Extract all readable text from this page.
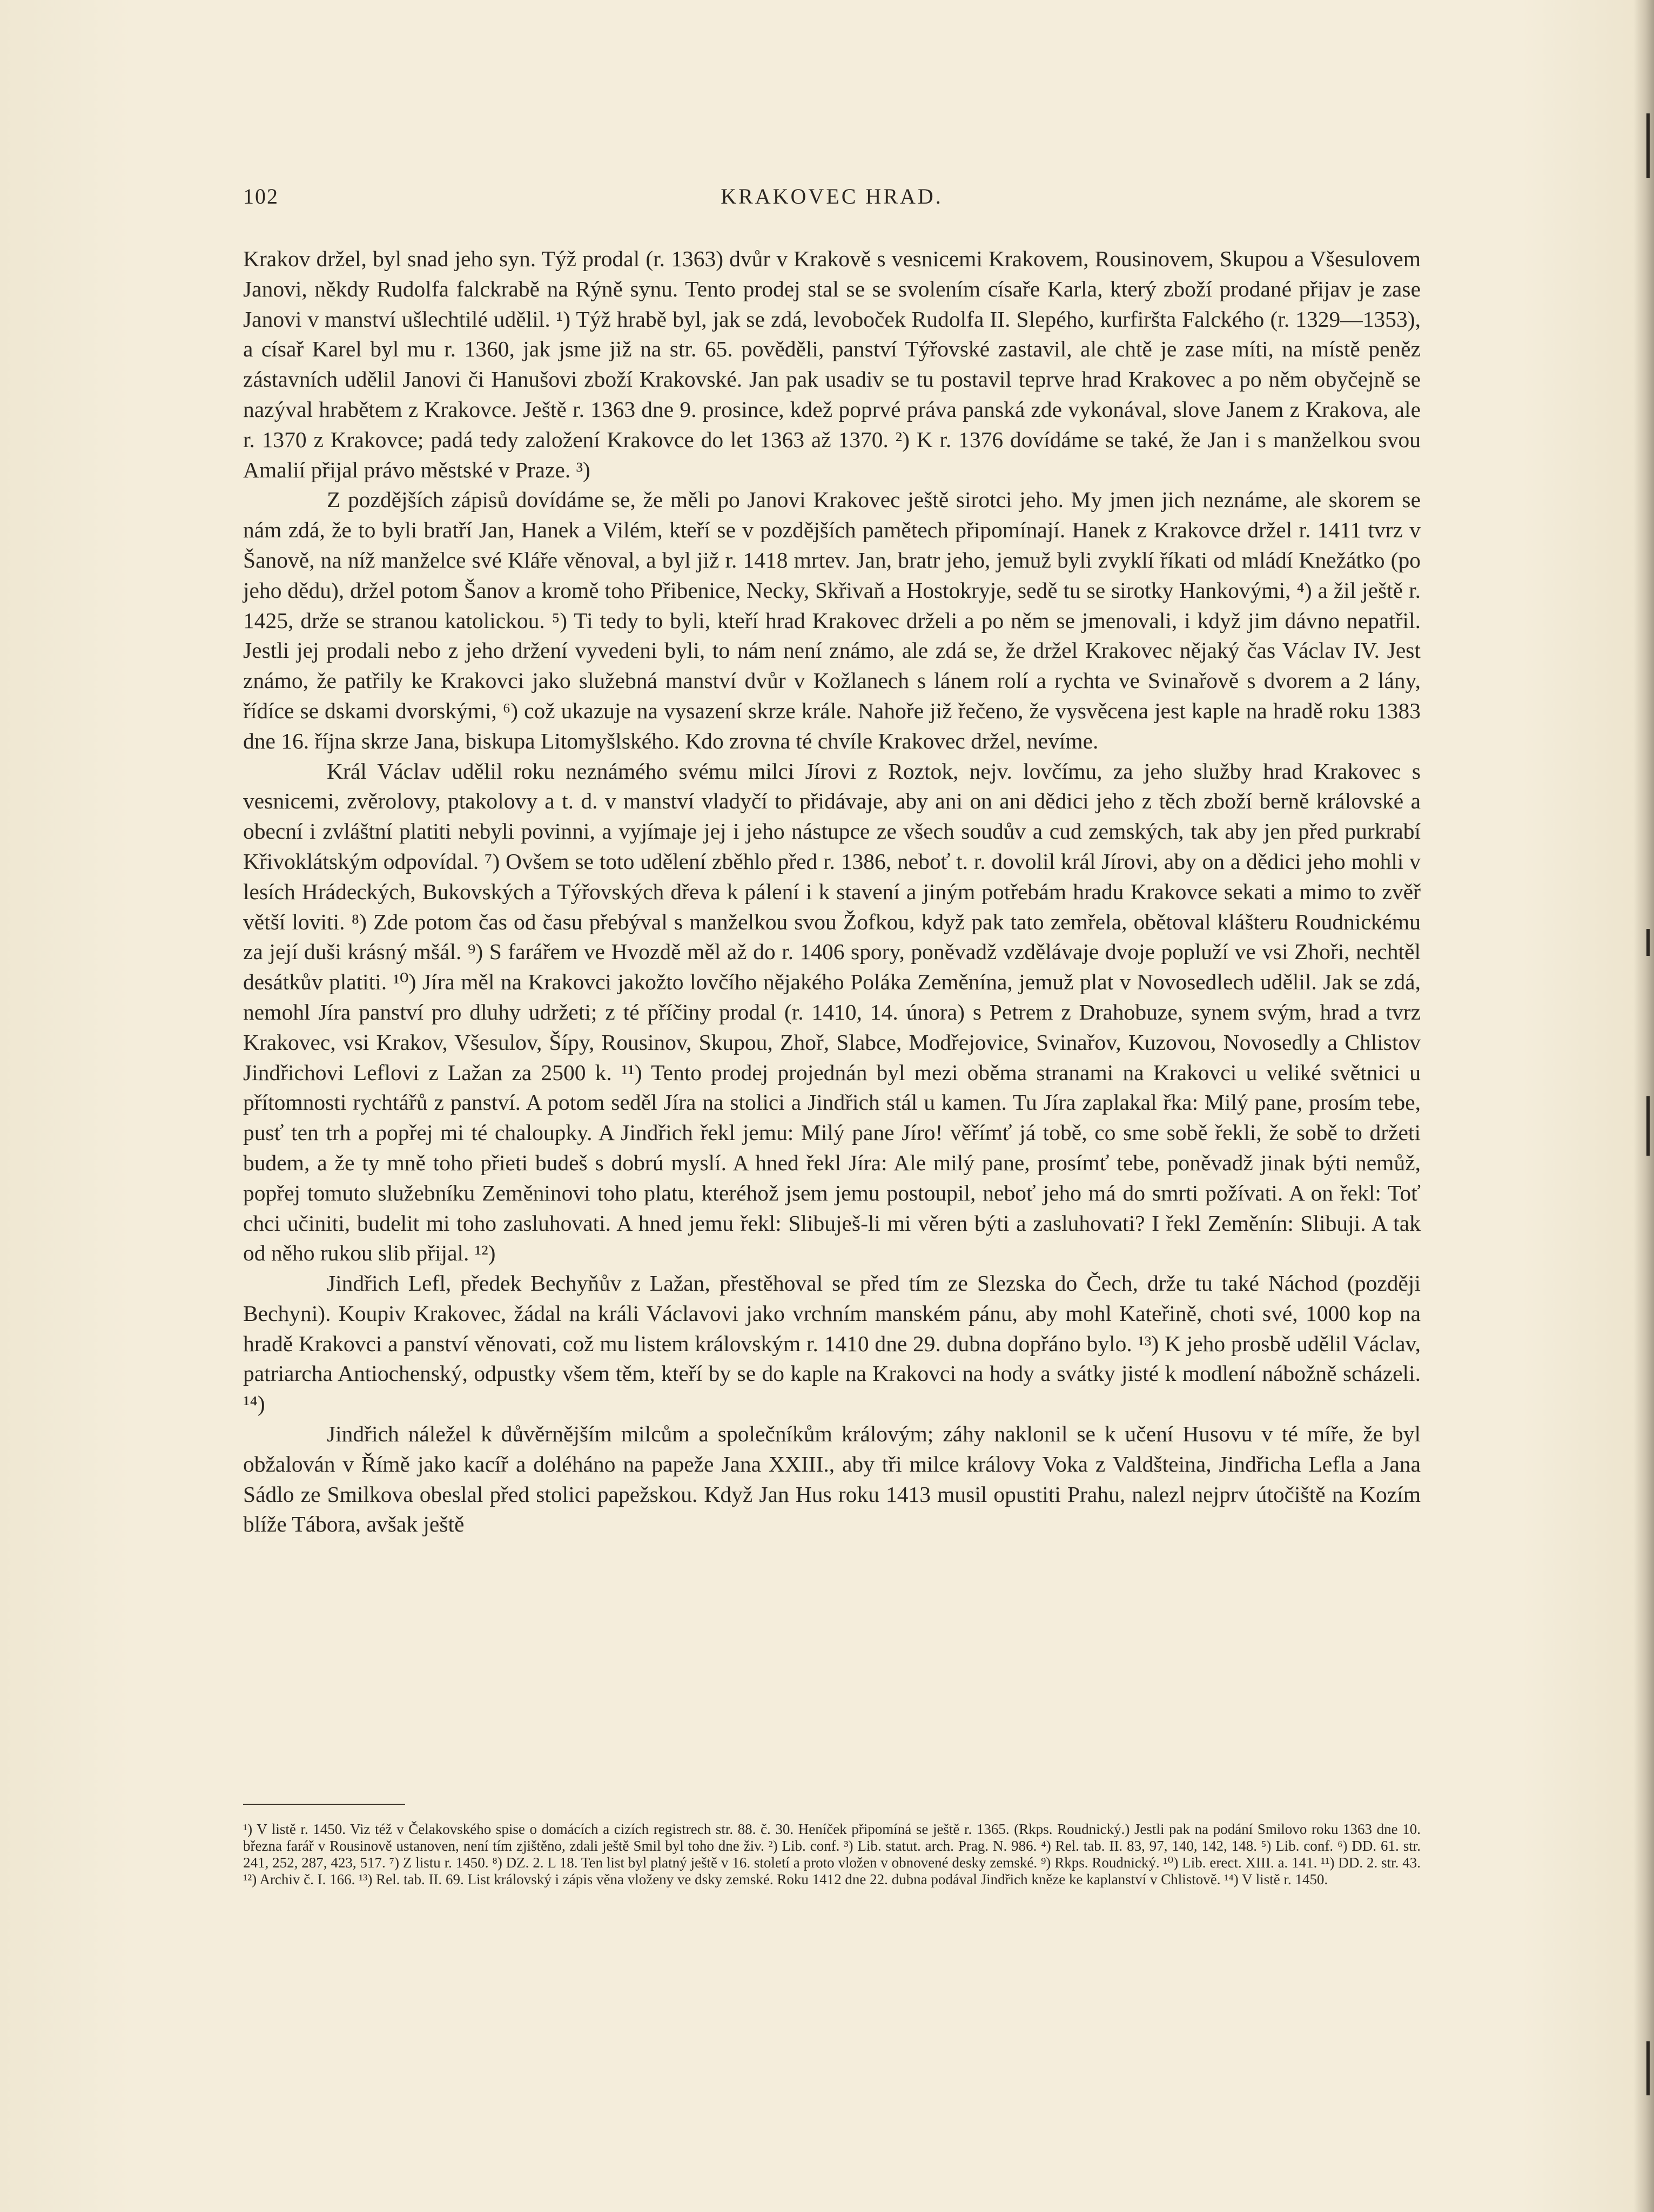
102	KRAKOVEC HRAD.

Krakov držel, byl snad jeho syn. Týž prodal (r. 1363) dvůr v Krakově s vesnicemi Krakovem, Rousinovem, Skupou a Všesulovem Janovi, někdy Rudolfa falckrabě na Rýně synu. Tento prodej stal se se svolením císaře Karla, který zboží prodané přijav je zase Janovi v manství ušlechtilé udělil. ¹) Týž hrabě byl, jak se zdá, levoboček Rudolfa II. Slepého, kurfiršta Falckého (r. 1329—1353), a císař Karel byl mu r. 1360, jak jsme již na str. 65. pověděli, panství Týřovské zastavil, ale chtě je zase míti, na místě peněz zástavních udělil Janovi či Hanušovi zboží Krakovské. Jan pak usadiv se tu postavil teprve hrad Krakovec a po něm obyčejně se nazýval hrabětem z Krakovce. Ještě r. 1363 dne 9. prosince, kdež poprvé práva panská zde vykonával, slove Janem z Krakova, ale r. 1370 z Krakovce; padá tedy založení Krakovce do let 1363 až 1370. ²) K r. 1376 dovídáme se také, že Jan i s manželkou svou Amalií přijal právo městské v Praze. ³)

Z pozdějších zápisů dovídáme se, že měli po Janovi Krakovec ještě sirotci jeho. My jmen jich neznáme, ale skorem se nám zdá, že to byli bratří Jan, Hanek a Vilém, kteří se v pozdějších pamětech připomínají. Hanek z Krakovce držel r. 1411 tvrz v Šanově, na níž manželce své Kláře věnoval, a byl již r. 1418 mrtev. Jan, bratr jeho, jemuž byli zvyklí říkati od mládí Knežátko (po jeho dědu), držel potom Šanov a kromě toho Přibenice, Necky, Skřivaň a Hostokryje, sedě tu se sirotky Hankovými, ⁴) a žil ještě r. 1425, drže se stranou katolickou. ⁵) Ti tedy to byli, kteří hrad Krakovec drželi a po něm se jmenovali, i když jim dávno nepatřil. Jestli jej prodali nebo z jeho držení vyvedeni byli, to nám není známo, ale zdá se, že držel Krakovec nějaký čas Václav IV. Jest známo, že patřily ke Krakovci jako služebná manství dvůr v Kožlanech s lánem rolí a rychta ve Svinařově s dvorem a 2 lány, řídíce se dskami dvorskými, ⁶) což ukazuje na vysazení skrze krále. Nahoře již řečeno, že vysvěcena jest kaple na hradě roku 1383 dne 16. října skrze Jana, biskupa Litomyšlského. Kdo zrovna té chvíle Krakovec držel, nevíme.

Král Václav udělil roku neznámého svému milci Jírovi z Roztok, nejv. lovčímu, za jeho služby hrad Krakovec s vesnicemi, zvěrolovy, ptakolovy a t. d. v manství vladyčí to přidávaje, aby ani on ani dědici jeho z těch zboží berně královské a obecní i zvláštní platiti nebyli povinni, a vyjímaje jej i jeho nástupce ze všech soudův a cud zemských, tak aby jen před purkrabí Křivoklátským odpovídal. ⁷) Ovšem se toto udělení zběhlo před r. 1386, neboť t. r. dovolil král Jírovi, aby on a dědici jeho mohli v lesích Hrádeckých, Bukovských a Týřovských dřeva k pálení i k stavení a jiným potřebám hradu Krakovce sekati a mimo to zvěř větší loviti. ⁸) Zde potom čas od času přebýval s manželkou svou Žofkou, když pak tato zemřela, obětoval klášteru Roudnickému za její duši krásný mšál. ⁹) S farářem ve Hvozdě měl až do r. 1406 spory, poněvadž vzdělávaje dvoje popluží ve vsi Zhoři, nechtěl desátkův platiti. ¹⁰) Jíra měl na Krakovci jakožto lovčího nějakého Poláka Zeměnína, jemuž plat v Novosedlech udělil. Jak se zdá, nemohl Jíra panství pro dluhy udržeti; z té příčiny prodal (r. 1410, 14. února) s Petrem z Drahobuze, synem svým, hrad a tvrz Krakovec, vsi Krakov, Všesulov, Šípy, Rousinov, Skupou, Zhoř, Slabce, Modřejovice, Svinařov, Kuzovou, Novosedly a Chlistov Jindřichovi Leflovi z Lažan za 2500 k. ¹¹) Tento prodej projednán byl mezi oběma stranami na Krakovci u veliké světnici u přítomnosti rychtářů z panství. A potom seděl Jíra na stolici a Jindřich stál u kamen. Tu Jíra zaplakal řka: Milý pane, prosím tebe, pusť ten trh a popřej mi té chaloupky. A Jindřich řekl jemu: Milý pane Jíro! věřímť já tobě, co sme sobě řekli, že sobě to držeti budem, a že ty mně toho přieti budeš s dobrú myslí. A hned řekl Jíra: Ale milý pane, prosímť tebe, poněvadž jinak býti nemůž, popřej tomuto služebníku Zeměninovi toho platu, kteréhož jsem jemu postoupil, neboť jeho má do smrti požívati. A on řekl: Toť chci učiniti, budelit mi toho zasluhovati. A hned jemu řekl: Slibuješ-li mi věren býti a zasluhovati? I řekl Zeměnín: Slibuji. A tak od něho rukou slib přijal. ¹²)

Jindřich Lefl, předek Bechyňův z Lažan, přestěhoval se před tím ze Slezska do Čech, drže tu také Náchod (později Bechyni). Koupiv Krakovec, žádal na králi Václavovi jako vrchním manském pánu, aby mohl Kateřině, choti své, 1000 kop na hradě Krakovci a panství věnovati, což mu listem královským r. 1410 dne 29. dubna dopřáno bylo. ¹³) K jeho prosbě udělil Václav, patriarcha Antiochenský, odpustky všem těm, kteří by se do kaple na Krakovci na hody a svátky jisté k modlení nábožně scházeli. ¹⁴)

Jindřich náležel k důvěrnějším milcům a společníkům královým; záhy naklonil se k učení Husovu v té míře, že byl obžalován v Římě jako kacíř a doléháno na papeže Jana XXIII., aby tři milce královy Voka z Valdšteina, Jindřicha Lefla a Jana Sádlo ze Smilkova obeslal před stolici papežskou. Když Jan Hus roku 1413 musil opustiti Prahu, nalezl nejprv útočiště na Kozím blíže Tábora, avšak ještě

¹) V listě r. 1450. Viz též v Čelakovského spise o domácích a cizích registrech str. 88. č. 30. Heníček připomíná se ještě r. 1365. (Rkps. Roudnický.) Jestli pak na podání Smilovo roku 1363 dne 10. března farář v Rousinově ustanoven, není tím zjištěno, zdali ještě Smil byl toho dne živ. ²) Lib. conf. ³) Lib. statut. arch. Prag. N. 986. ⁴) Rel. tab. II. 83, 97, 140, 142, 148. ⁵) Lib. conf. ⁶) DD. 61. str. 241, 252, 287, 423, 517. ⁷) Z listu r. 1450. ⁸) DZ. 2. L 18. Ten list byl platný ještě v 16. století a proto vložen v obnovené desky zemské. ⁹) Rkps. Roudnický. ¹⁰) Lib. erect. XIII. a. 141. ¹¹) DD. 2. str. 43. ¹²) Archiv č. I. 166. ¹³) Rel. tab. II. 69. List královský i zápis věna vloženy ve dsky zemské. Roku 1412 dne 22. dubna podával Jindřich kněze ke kaplanství v Chlistově. ¹⁴) V listě r. 1450.
